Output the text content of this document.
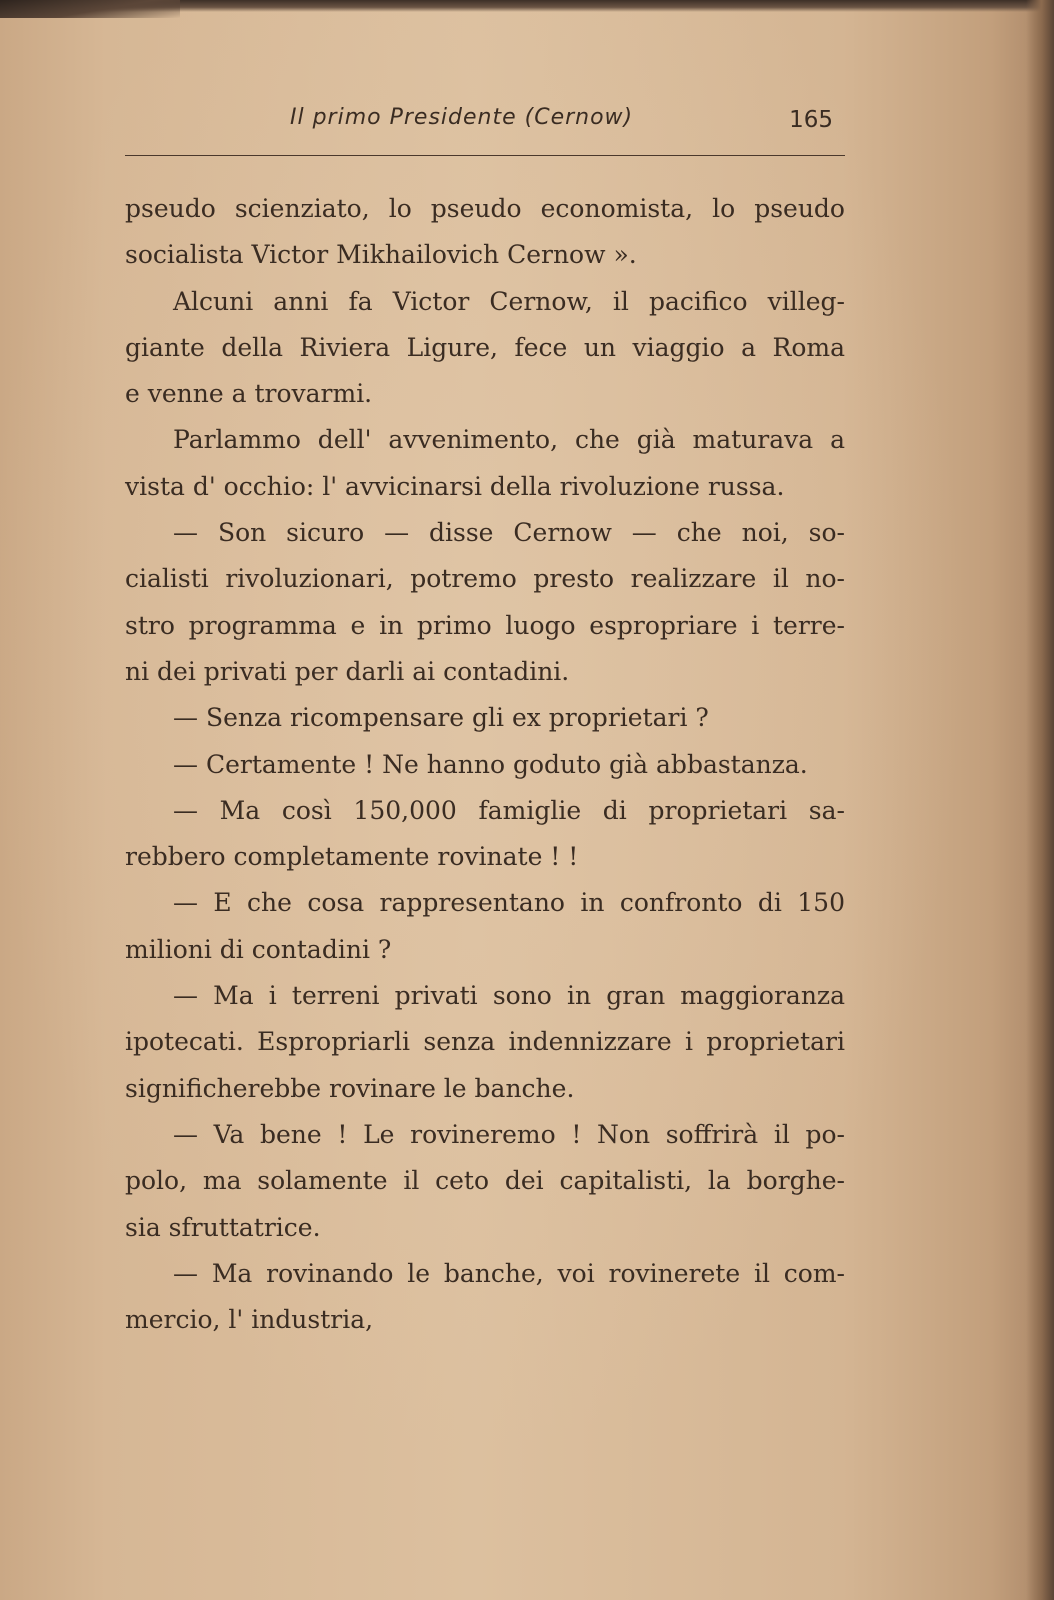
Il primo Presidente (Cernow)	165
pseudo scienziato, lo pseudo economista, lo pseudo
socialista Victor Mikhailovich Cernow ».
Alcuni anni fa Victor Cernow, il pacifico villeg-
giante della Riviera Ligure, fece un viaggio a Roma
e venne a trovarmi.
Parlammo dell' avvenimento, che già maturava a
vista d' occhio: l' avvicinarsi della rivoluzione russa.
— Son sicuro — disse Cernow — che noi, so-
cialisti rivoluzionari, potremo presto realizzare il no-
stro programma e in primo luogo espropriare i terre-
ni dei privati per darli ai contadini.
— Senza ricompensare gli ex proprietari ?
— Certamente ! Ne hanno goduto già abbastanza.
— Ma così 150,000 famiglie di proprietari sa-
rebbero completamente rovinate ! !
— E che cosa rappresentano in confronto di 150
milioni di contadini ?
— Ma i terreni privati sono in gran maggioranza
ipotecati. Espropriarli senza indennizzare i proprietari
significherebbe rovinare le banche.
— Va bene ! Le rovineremo ! Non soffrirà il po-
polo, ma solamente il ceto dei capitalisti, la borghe-
sia sfruttatrice.
— Ma rovinando le banche, voi rovinerete il com-
mercio, l' industria,
